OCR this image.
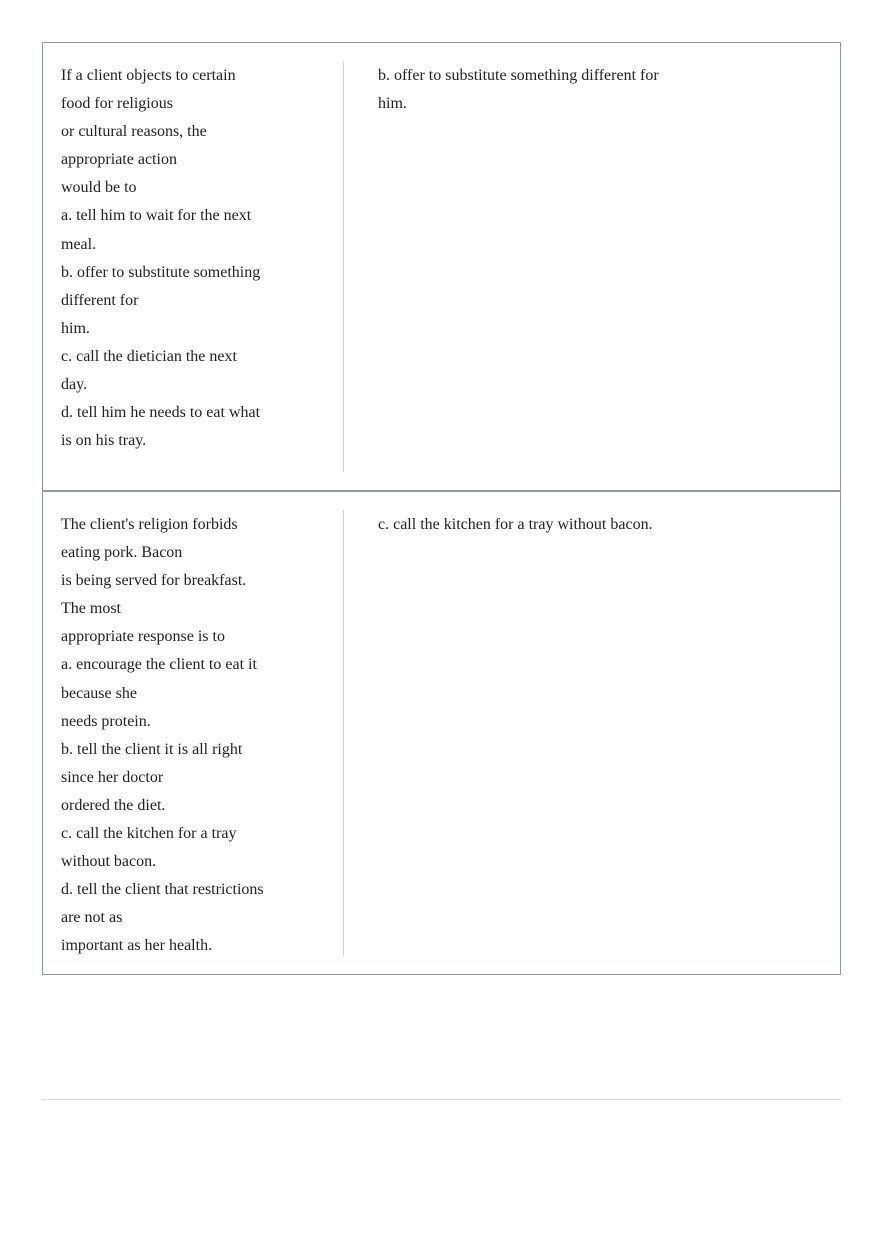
If a client objects to certain
food for religious
or cultural reasons, the
appropriate action
would be to
a. tell him to wait for the next
meal.
b. offer to substitute something
different for
him.
c. call the dietician the next
day.
d. tell him he needs to eat what
is on his tray.
b. offer to substitute something different for
him.
The client's religion forbids
eating pork. Bacon
is being served for breakfast.
The most
appropriate response is to
a. encourage the client to eat it
because she
needs protein.
b. tell the client it is all right
since her doctor
ordered the diet.
c. call the kitchen for a tray
without bacon.
d. tell the client that restrictions
are not as
important as her health.
c. call the kitchen for a tray without bacon.
